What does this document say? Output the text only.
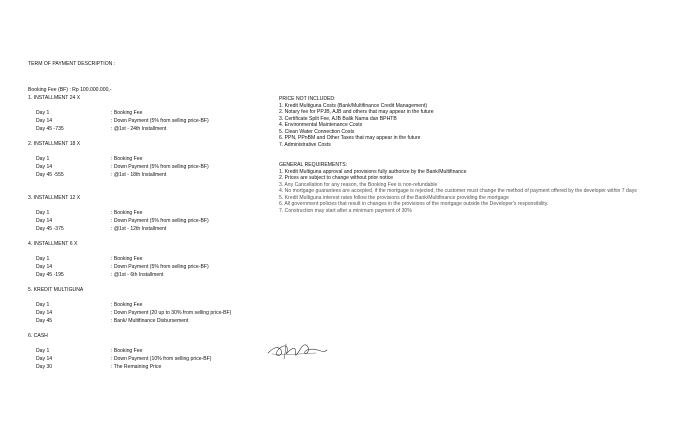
TERM OF PAYMENT DESCRIPTION :
Booking Fee (BF) : Rp 100.000.000,-
1. INSTALLMENT 24 X
Day 1	: Booking Fee
Day 14	: Down Payment (5% from selling price-BF)
Day 45 -735	: @1st - 24th Installment
2. INSTALLMENT 18 X
Day 1	: Booking Fee
Day 14	: Down Payment (5% from selling price-BF)
Day 45 -555	: @1st - 18th Installment
3. INSTALLMENT 12 X
Day 1	: Booking Fee
Day 14	: Down Payment (5% from selling price-BF)
Day 45 -375	: @1st - 12th Installment
4. INSTALLMENT 6 X
Day 1	: Booking Fee
Day 14	: Down Payment (5% from selling price-BF)
Day 45 -195	: @1st - 6th Installment
5. KREDIT MULTIGUNA
Day 1	: Booking Fee
Day 14	: Down Payment (20 up to 30% from selling price-BF)
Day 45	: Bank/ Multifinance Disbursement
6. CASH
Day 1	: Booking Fee
Day 14	: Down Payment (10% from selling price-BF)
Day 30	: The Remaining Price
PRICE NOT INCLUDED:
1. Kredit Multiguna Costs (Bank/Multifinance Credit Management)
2. Notary fee for PPJB, AJB and others that may appear in the future
3. Certificate Split Fee, AJB Balik Nama dan BPHTB
4. Environmental Maintenance Costs
5. Clean Water Connection Costs
6. PPN, PPnBM and Other Taxes that may appear in the future
7. Administrative Costs
GENERAL REQUIREMENTS:
1. Kredit Multiguna approval and provisions fully authorize by the Bank/Multifinance
2. Prices are subject to change without prior notice
3. Any Cancellation for any reason, the Booking Fee is non-refundable
4. No mortgage guarantees are accepted, if the mortgage is rejected, the customer must change the method of payment offered by the developer within 7 days
5. Kredit Multiguna interest rates follow the provisions of the Bank/Multifinance providing the mortgage
6. All government policies that result in changes in the provisions of the mortgage outside the Developer's responsibility.
7. Construction may start after a minimum payment of 30%
